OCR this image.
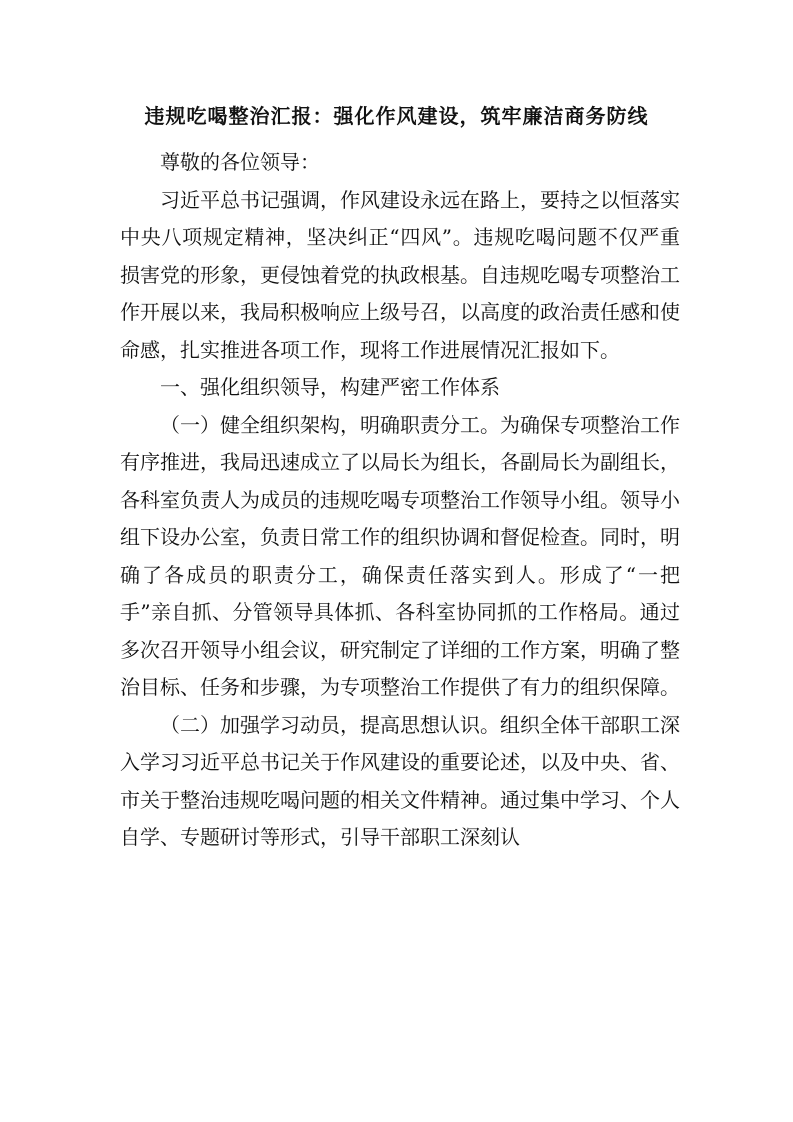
违规吃喝整治汇报：强化作风建设，筑牢廉洁商务防线

尊敬的各位领导：

习近平总书记强调，作风建设永远在路上，要持之以恒落实中央八项规定精神，坚决纠正“四风”。违规吃喝问题不仅严重损害党的形象，更侵蚀着党的执政根基。自违规吃喝专项整治工作开展以来，我局积极响应上级号召，以高度的政治责任感和使命感，扎实推进各项工作，现将工作进展情况汇报如下。

一、强化组织领导，构建严密工作体系

（一）健全组织架构，明确职责分工。为确保专项整治工作有序推进，我局迅速成立了以局长为组长，各副局长为副组长，各科室负责人为成员的违规吃喝专项整治工作领导小组。领导小组下设办公室，负责日常工作的组织协调和督促检查。同时，明确了各成员的职责分工，确保责任落实到人。形成了“一把手”亲自抓、分管领导具体抓、各科室协同抓的工作格局。通过多次召开领导小组会议，研究制定了详细的工作方案，明确了整治目标、任务和步骤，为专项整治工作提供了有力的组织保障。

（二）加强学习动员，提高思想认识。组织全体干部职工深入学习习近平总书记关于作风建设的重要论述，以及中央、省、市关于整治违规吃喝问题的相关文件精神。通过集中学习、个人自学、专题研讨等形式，引导干部职工深刻认
